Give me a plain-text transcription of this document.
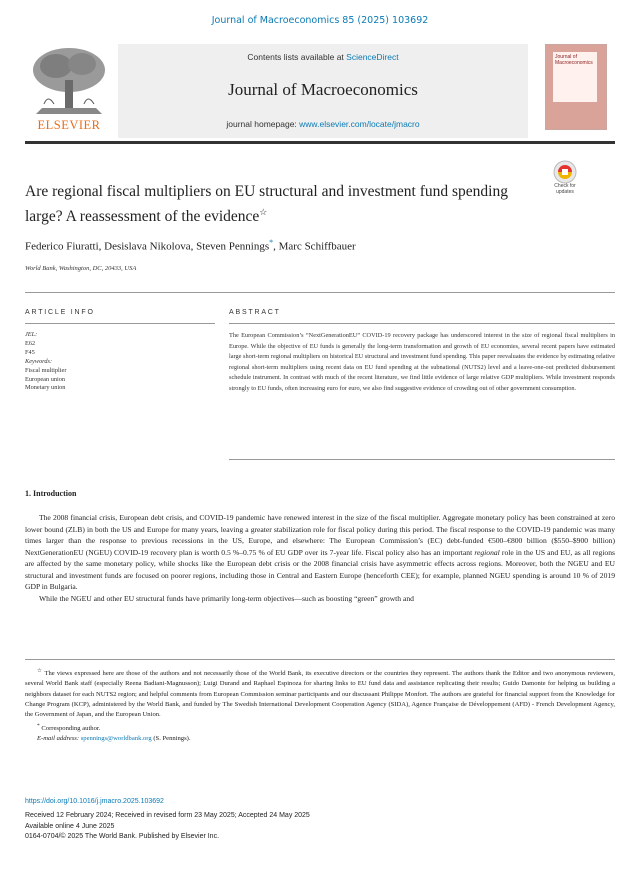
Journal of Macroeconomics 85 (2025) 103692
Contents lists available at ScienceDirect
Journal of Macroeconomics
journal homepage: www.elsevier.com/locate/jmacro
ELSEVIER
Journal of Macroeconomics
Are regional fiscal multipliers on EU structural and investment fund spending large? A reassessment of the evidence☆
Check for
updates
Federico Fiuratti, Desislava Nikolova, Steven Pennings*, Marc Schiffbauer
World Bank, Washington, DC, 20433, USA
ARTICLE INFO	ABSTRACT
JEL:
E62
F45
Keywords:
Fiscal multiplier
European union
Monetary union
The European Commission’s “NextGenerationEU” COVID-19 recovery package has underscored interest in the size of regional fiscal multipliers in Europe. While the objective of EU funds is generally the long-term transformation and growth of EU economies, several recent papers have estimated large short-term regional multipliers on historical EU structural and investment fund spending. This paper reevaluates the evidence by estimating relative regional short-term multipliers using recent data on EU fund spending at the subnational (NUTS2) level and a leave-one-out predicted disbursement schedule instrument. In contrast with much of the recent literature, we find little evidence of large relative GDP multipliers. While investment responds strongly to EU funds, often increasing euro for euro, we also find suggestive evidence of crowding out of other government consumption.
1. Introduction

The 2008 financial crisis, European debt crisis, and COVID-19 pandemic have renewed interest in the size of the fiscal multiplier. Aggregate monetary policy has been constrained at zero lower bound (ZLB) in both the US and Europe for many years, leaving a greater stabilization role for fiscal policy during this period. The fiscal response to the COVID-19 pandemic was many times larger than the response to previous recessions in the US, Europe, and elsewhere: The European Commission’s (EC) debt-funded €500–€800 billion ($550–$900 billion) NextGenerationEU (NGEU) COVID-19 recovery plan is worth 0.5 %–0.75 % of EU GDP over its 7-year life. Fiscal policy also has an important regional role in the US and EU, as all regions are affected by the same monetary policy, while shocks like the European debt crisis or the 2008 financial crisis have asymmetric effects across regions. Moreover, both the NGEU and EU structural and investment funds are focused on poorer regions, including those in Central and Eastern Europe (henceforth CEE); for example, planned NGEU spending is around 10 % of 2019 GDP in Bulgaria.

While the NGEU and other EU structural funds have primarily long-term objectives—such as boosting “green” growth and

☆ The views expressed here are those of the authors and not necessarily those of the World Bank, its executive directors or the countries they represent. The authors thank the Editor and two anonymous reviewers, several World Bank staff (especially Reena Badiani-Magnusson); Luigi Durand and Raphael Espinoza for sharing links to EU fund data and assistance replicating their results; Guido Damonte for helping us building a neighbors dataset for each NUTS2 region; and helpful comments from European Commission seminar participants and our discussant Philippe Monfort. The authors are grateful for financial support from the Knowledge for Change Program (KCP), administered by the World Bank, and funded by The Swedish International Development Cooperation Agency (SIDA), Agence Française de Développement (AFD) - French Development Agency, the Government of Japan, and the European Union.

* Corresponding author.

E-mail address: spennings@worldbank.org (S. Pennings).

https://doi.org/10.1016/j.jmacro.2025.103692
Received 12 February 2024; Received in revised form 23 May 2025; Accepted 24 May 2025
Available online 4 June 2025
0164-0704/© 2025 The World Bank. Published by Elsevier Inc.
